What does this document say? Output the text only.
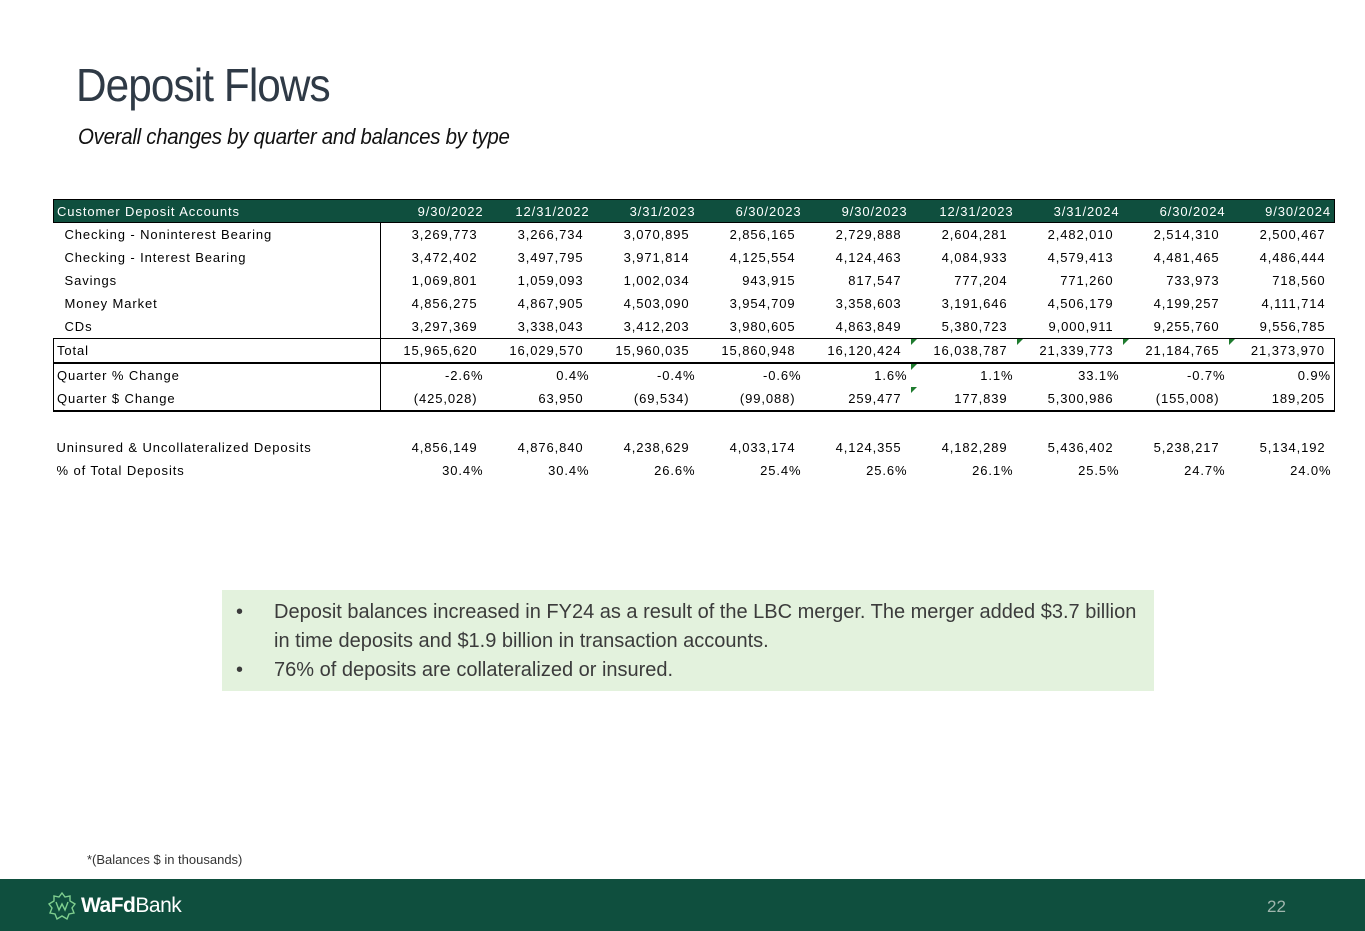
Deposit Flows
Overall changes by quarter and balances by type
Customer Deposit Accounts	9/30/2022	12/31/2022	3/31/2023	6/30/2023	9/30/2023	12/31/2023	3/31/2024	6/30/2024	9/30/2024
Checking - Noninterest Bearing	3,269,773	3,266,734	3,070,895	2,856,165	2,729,888	2,604,281	2,482,010	2,514,310	2,500,467
Checking - Interest Bearing	3,472,402	3,497,795	3,971,814	4,125,554	4,124,463	4,084,933	4,579,413	4,481,465	4,486,444
Savings	1,069,801	1,059,093	1,002,034	943,915	817,547	777,204	771,260	733,973	718,560
Money Market	4,856,275	4,867,905	4,503,090	3,954,709	3,358,603	3,191,646	4,506,179	4,199,257	4,111,714
CDs	3,297,369	3,338,043	3,412,203	3,980,605	4,863,849	5,380,723	9,000,911	9,255,760	9,556,785
Total	15,965,620	16,029,570	15,960,035	15,860,948	16,120,424	16,038,787	21,339,773	21,184,765	21,373,970
Quarter % Change	-2.6%	0.4%	-0.4%	-0.6%	1.6%	1.1%	33.1%	-0.7%	0.9%
Quarter $ Change	(425,028)	63,950	(69,534)	(99,088)	259,477	177,839	5,300,986	(155,008)	189,205

Uninsured & Uncollateralized Deposits	4,856,149	4,876,840	4,238,629	4,033,174	4,124,355	4,182,289	5,436,402	5,238,217	5,134,192
% of Total Deposits	30.4%	30.4%	26.6%	25.4%	25.6%	26.1%	25.5%	24.7%	24.0%
• Deposit balances increased in FY24 as a result of the LBC merger. The merger added $3.7 billion in time deposits and $1.9 billion in transaction accounts.
• 76% of deposits are collateralized or insured.
*(Balances $ in thousands)
WaFdBank	22
